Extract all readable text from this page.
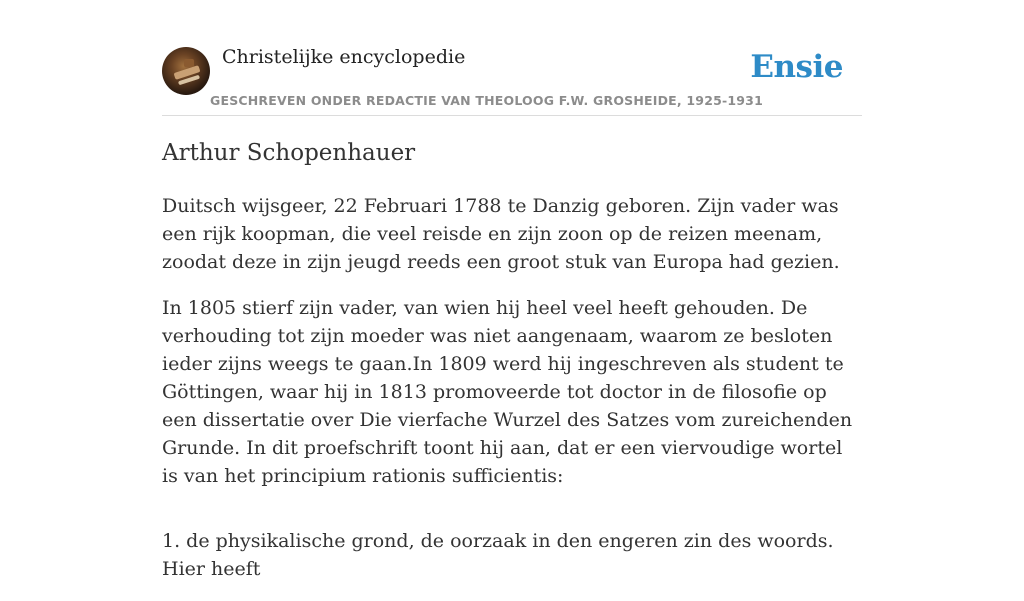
Christelijke encyclopedie
GESCHREVEN ONDER REDACTIE VAN THEOLOOG F.W. GROSHEIDE, 1925-1931
Ensie
Arthur Schopenhauer

Duitsch wijsgeer, 22 Februari 1788 te Danzig geboren. Zijn vader was een rijk koopman, die veel reisde en zijn zoon op de reizen meenam, zoodat deze in zijn jeugd reeds een groot stuk van Europa had gezien.

In 1805 stierf zijn vader, van wien hij heel veel heeft gehouden. De verhouding tot zijn moeder was niet aangenaam, waarom ze besloten ieder zijns weegs te gaan.In 1809 werd hij ingeschreven als student te Göttingen, waar hij in 1813 promoveerde tot doctor in de filosofie op een dissertatie over Die vierfache Wurzel des Satzes vom zureichenden Grunde. In dit proefschrift toont hij aan, dat er een viervoudige wortel is van het principium rationis sufficientis:

1. de physikalische grond, de oorzaak in den engeren zin des woords. Hier heeft
